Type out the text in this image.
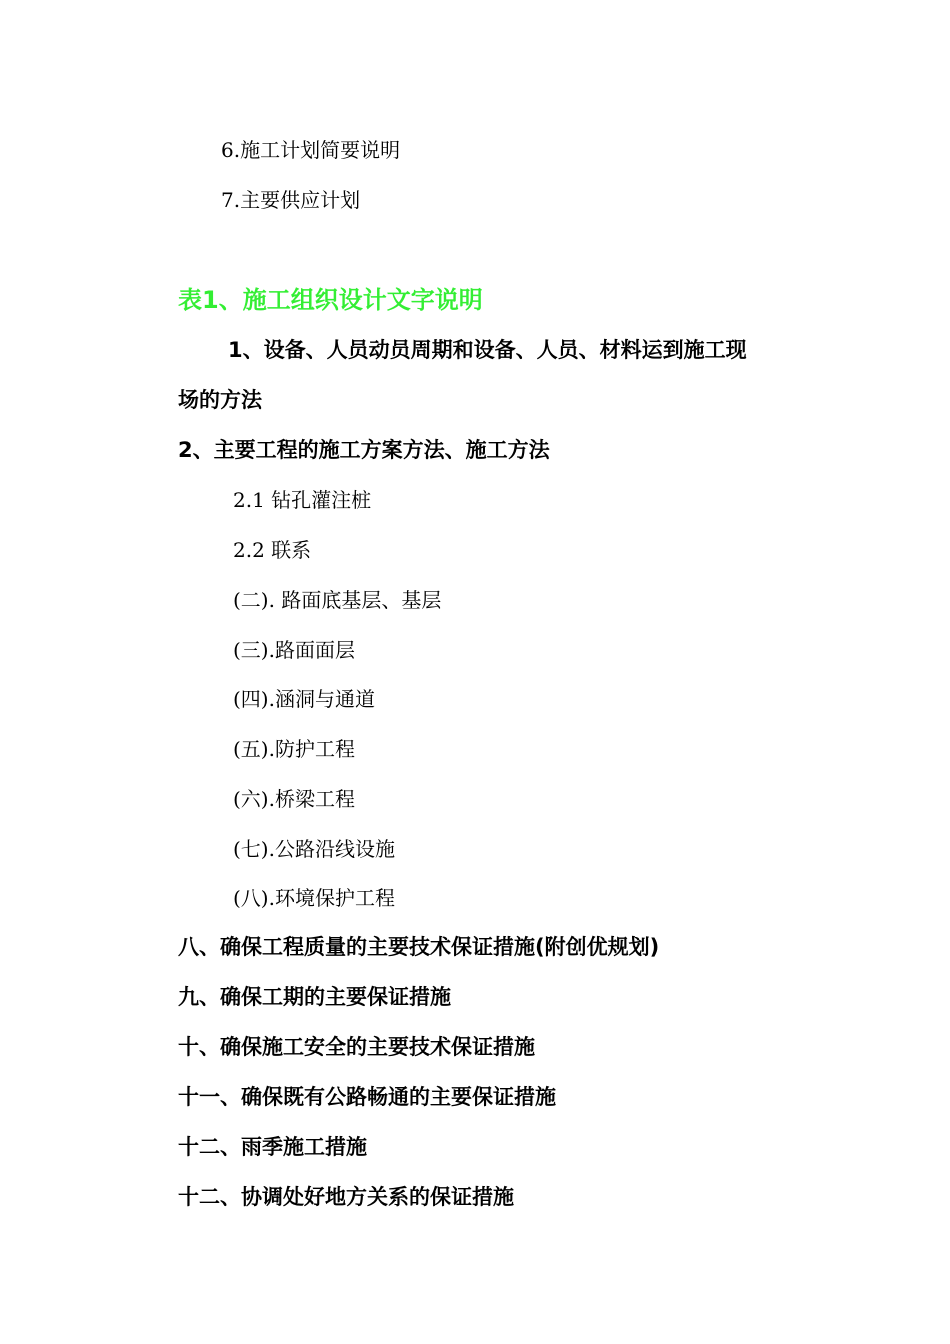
6.施工计划简要说明
7.主要供应计划
表1、施工组织设计文字说明
1、设备、人员动员周期和设备、人员、材料运到施工现
场的方法
2、主要工程的施工方案方法、施工方法
2.1 钻孔灌注桩
2.2 联系
(二). 路面底基层、基层
(三).路面面层
(四).涵洞与通道
(五).防护工程
(六).桥梁工程
(七).公路沿线设施
(八).环境保护工程
八、确保工程质量的主要技术保证措施(附创优规划)
九、确保工期的主要保证措施
十、确保施工安全的主要技术保证措施
十一、确保既有公路畅通的主要保证措施
十二、雨季施工措施
十二、协调处好地方关系的保证措施
